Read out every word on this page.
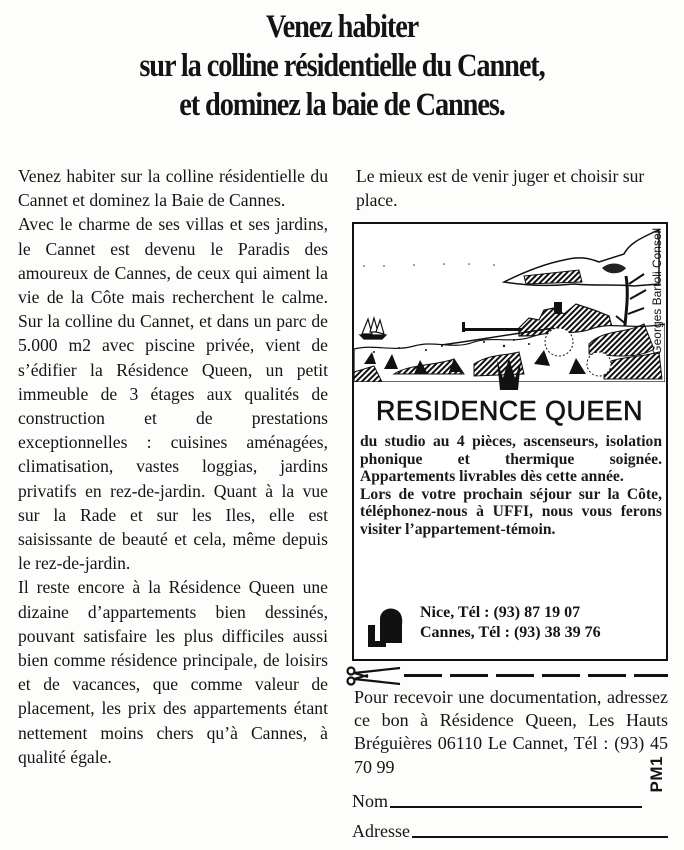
Venez habiter
sur la colline résidentielle du Cannet,
et dominez la baie de Cannes.

Venez habiter sur la colline résidentielle du Cannet et dominez la Baie de Cannes.

Avec le charme de ses villas et ses jardins, le Cannet est devenu le Paradis des amoureux de Cannes, de ceux qui aiment la vie de la Côte mais recherchent le calme. Sur la colline du Cannet, et dans un parc de 5.000 m2 avec piscine privée, vient de s’édifier la Résidence Queen, un petit immeuble de 3 étages aux qualités de construction et de prestations exceptionnelles : cuisines aménagées, climatisation, vastes loggias, jardins privatifs en rez-de-jardin. Quant à la vue sur la Rade et sur les Iles, elle est saisissante de beauté et cela, même depuis le rez-de-jardin.

Il reste encore à la Résidence Queen une dizaine d’appartements bien dessinés, pouvant satisfaire les plus difficiles aussi bien comme résidence principale, de loisirs et de vacances, que comme valeur de placement, les prix des appartements étant nettement moins chers qu’à Cannes, à qualité égale.

Le mieux est de venir juger et choisir sur place.

Georges Bartoli Conseil
RESIDENCE QUEEN

du studio au 4 pièces, ascenseurs, isolation phonique et thermique soignée. Appartements livrables dès cette année.

Lors de votre prochain séjour sur la Côte, téléphonez-nous à UFFI, nous vous ferons visiter l’appartement-témoin.

Nice, Tél : (93) 87 19 07
Cannes, Tél : (93) 38 39 76

Pour recevoir une documentation, adressez ce bon à Résidence Queen, Les Hauts Bréguières 06110 Le Cannet, Tél : (93) 45 70 99

Nom
Adresse
PM1
